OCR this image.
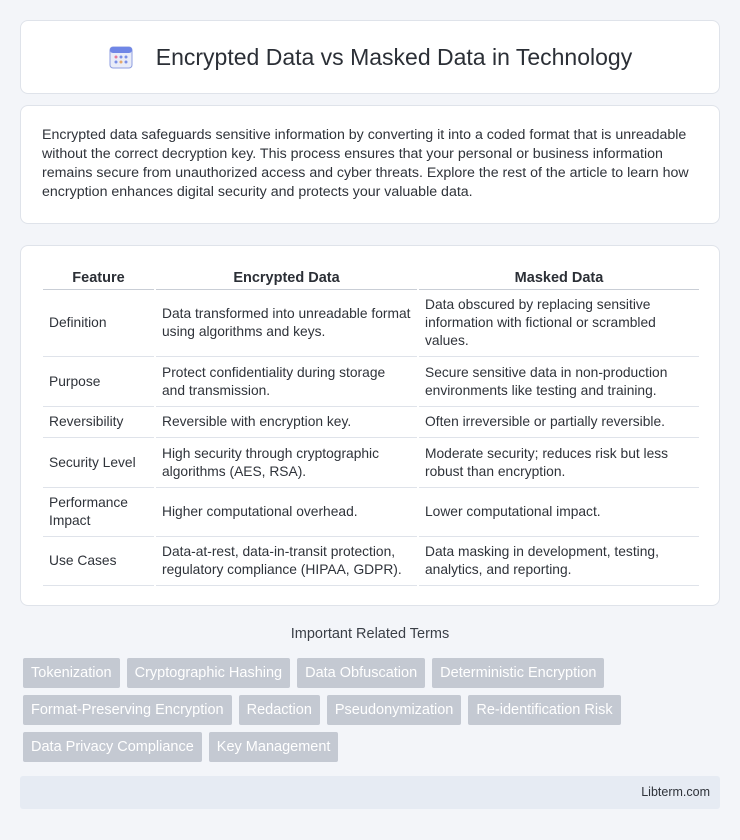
Encrypted Data vs Masked Data in Technology

Encrypted data safeguards sensitive information by converting it into a coded format that is unreadable without the correct decryption key. This process ensures that your personal or business information remains secure from unauthorized access and cyber threats. Explore the rest of the article to learn how encryption enhances digital security and protects your valuable data.

Feature	Encrypted Data	Masked Data
Definition	Data transformed into unreadable format using algorithms and keys.	Data obscured by replacing sensitive information with fictional or scrambled values.
Purpose	Protect confidentiality during storage and transmission.	Secure sensitive data in non-production environments like testing and training.
Reversibility	Reversible with encryption key.	Often irreversible or partially reversible.
Security Level	High security through cryptographic algorithms (AES, RSA).	Moderate security; reduces risk but less robust than encryption.
Performance Impact	Higher computational overhead.	Lower computational impact.
Use Cases	Data-at-rest, data-in-transit protection, regulatory compliance (HIPAA, GDPR).	Data masking in development, testing, analytics, and reporting.
Important Related Terms
Tokenization	Cryptographic Hashing	Data Obfuscation	Deterministic Encryption
Format-Preserving Encryption	Redaction	Pseudonymization	Re-identification Risk
Data Privacy Compliance	Key Management
Libterm.com
